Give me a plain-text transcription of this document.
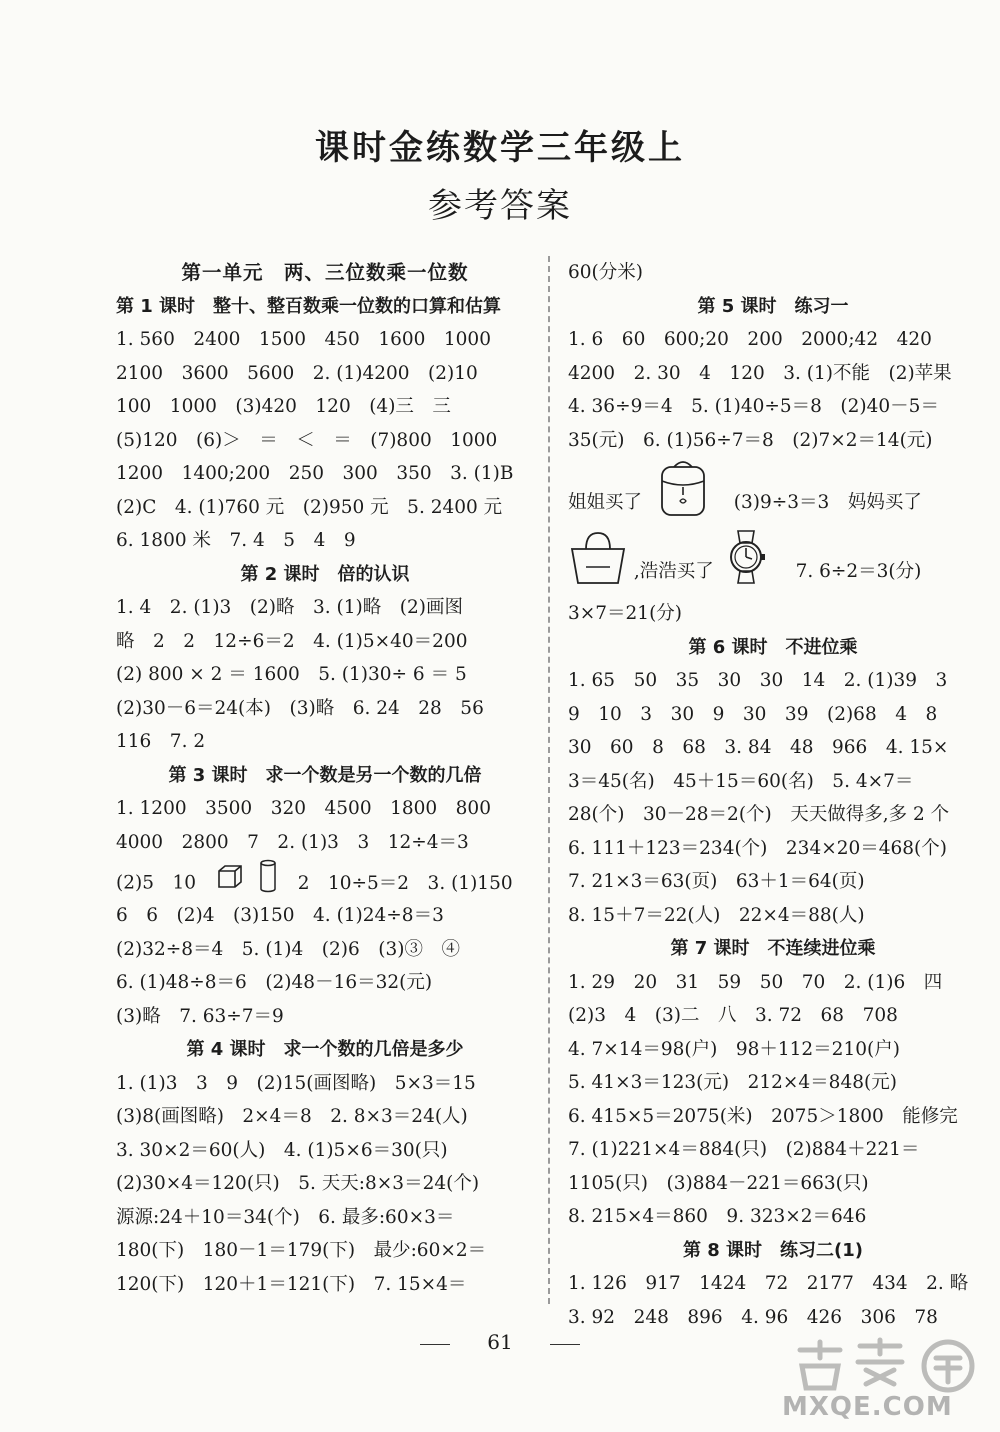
课时金练数学三年级上
参考答案
第一单元　两、三位数乘一位数
第 1 课时　整十、整百数乘一位数的口算和估算
1. 560　2400　1500　450　1600　1000
2100　3600　5600　2. (1)4200　(2)10
100　1000　(3)420　120　(4)三　三
(5)120　(6)＞　＝　＜　＝　(7)800　1000
1200　1400;200　250　300　350　3. (1)B
(2)C　4. (1)760 元　(2)950 元　5. 2400 元
6. 1800 米　7. 4　5　4　9
第 2 课时　倍的认识
1. 4　2. (1)3　(2)略　3. (1)略　(2)画图
略　2　2　12÷6＝2　4. (1)5×40＝200
(2) 800 × 2 ＝ 1600　5. (1)30÷ 6 ＝ 5
(2)30－6＝24(本)　(3)略　6. 24　28　56
116　7. 2
第 3 课时　求一个数是另一个数的几倍
1. 1200　3500　320　4500　1800　800
4000　2800　7　2. (1)3　3　12÷4＝3
(2)5　10	2　10÷5＝2　3. (1)150
6　6　(2)4　(3)150　4. (1)24÷8＝3
(2)32÷8＝4　5. (1)4　(2)6　(3)③　④
6. (1)48÷8＝6　(2)48－16＝32(元)
(3)略　7. 63÷7＝9
第 4 课时　求一个数的几倍是多少
1. (1)3　3　9　(2)15(画图略)　5×3＝15
(3)8(画图略)　2×4＝8　2. 8×3＝24(人)
3. 30×2＝60(人)　4. (1)5×6＝30(只)
(2)30×4＝120(只)　5. 天天:8×3＝24(个)
源源:24＋10＝34(个)　6. 最多:60×3＝
180(下)　180－1＝179(下)　最少:60×2＝
120(下)　120＋1＝121(下)　7. 15×4＝
60(分米)
第 5 课时　练习一
1. 6　60　600;20　200　2000;42　420
4200　2. 30　4　120　3. (1)不能　(2)苹果
4. 36÷9＝4　5. (1)40÷5＝8　(2)40－5＝
35(元)　6. (1)56÷7＝8　(2)7×2＝14(元)
姐姐买了	(3)9÷3＝3　妈妈买了
,浩浩买了	7. 6÷2＝3(分)
3×7＝21(分)
第 6 课时　不进位乘
1. 65　50　35　30　30　14　2. (1)39　3
9　10　3　30　9　30　39　(2)68　4　8
30　60　8　68　3. 84　48　966　4. 15×
3＝45(名)　45＋15＝60(名)　5. 4×7＝
28(个)　30－28＝2(个)　天天做得多,多 2 个
6. 111＋123＝234(个)　234×20＝468(个)
7. 21×3＝63(页)　63＋1＝64(页)
8. 15＋7＝22(人)　22×4＝88(人)
第 7 课时　不连续进位乘
1. 29　20　31　59　50　70　2. (1)6　四
(2)3　4　(3)二　八　3. 72　68　708
4. 7×14＝98(户)　98＋112＝210(户)
5. 41×3＝123(元)　212×4＝848(元)
6. 415×5＝2075(米)　2075＞1800　能修完
7. (1)221×4＝884(只)　(2)884＋221＝
1105(只)　(3)884－221＝663(只)
8. 215×4＝860　9. 323×2＝646
第 8 课时　练习二(1)
1. 126　917　1424　72　2177　434　2. 略
3. 92　248　896　4. 96　426　306　78
61
MXQE.COM
